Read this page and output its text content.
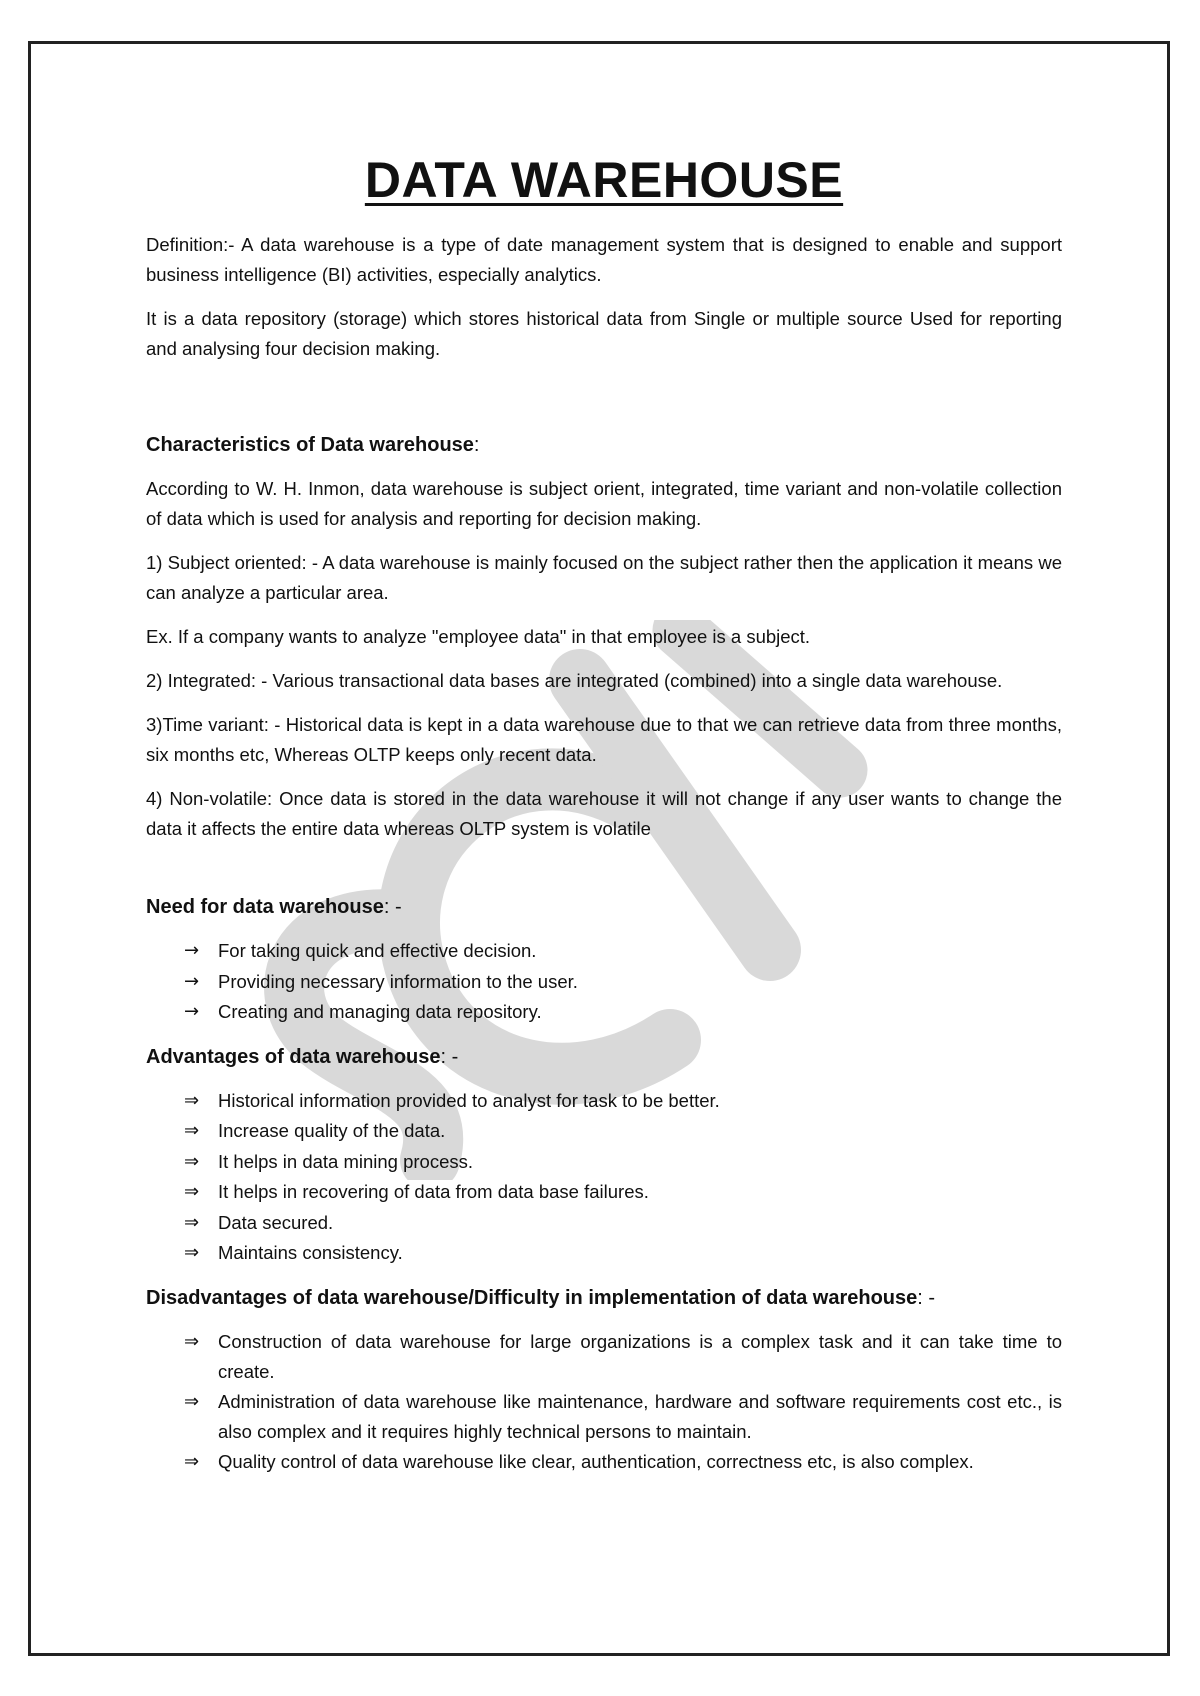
DATA WAREHOUSE

Definition:- A data warehouse is a type of date management system that is designed to enable and support business intelligence (BI) activities, especially analytics.

It is a data repository (storage) which stores historical data from Single or multiple source Used for reporting and analysing four decision making.

Characteristics of Data warehouse:

According to W. H. Inmon, data warehouse is subject orient, integrated, time variant and non-volatile collection of data which is used for analysis and reporting for decision making.

1) Subject oriented: - A data warehouse is mainly focused on the subject rather then the application it means we can analyze a particular area.

Ex. If a company wants to analyze "employee data" in that employee is a subject.

2) Integrated: - Various transactional data bases are integrated (combined) into a single data warehouse.

3)Time variant: - Historical data is kept in a data warehouse due to that we can retrieve data from three months, six months etc, Whereas OLTP keeps only recent data.

4) Non-volatile: Once data is stored in the data warehouse it will not change if any user wants to change the data it affects the entire data whereas OLTP system is volatile

Need for data warehouse: -
→ For taking quick and effective decision.
→ Providing necessary information to the user.
→ Creating and managing data repository.
Advantages of data warehouse: -
⇒ Historical information provided to analyst for task to be better.
⇒ Increase quality of the data.
⇒ It helps in data mining process.
⇒ It helps in recovering of data from data base failures.
⇒ Data secured.
⇒ Maintains consistency.
Disadvantages of data warehouse/Difficulty in implementation of data warehouse: -
⇒ Construction of data warehouse for large organizations is a complex task and it can take time to create.
⇒ Administration of data warehouse like maintenance, hardware and software requirements cost etc., is also complex and it requires highly technical persons to maintain.
⇒ Quality control of data warehouse like clear, authentication, correctness etc, is also complex.
